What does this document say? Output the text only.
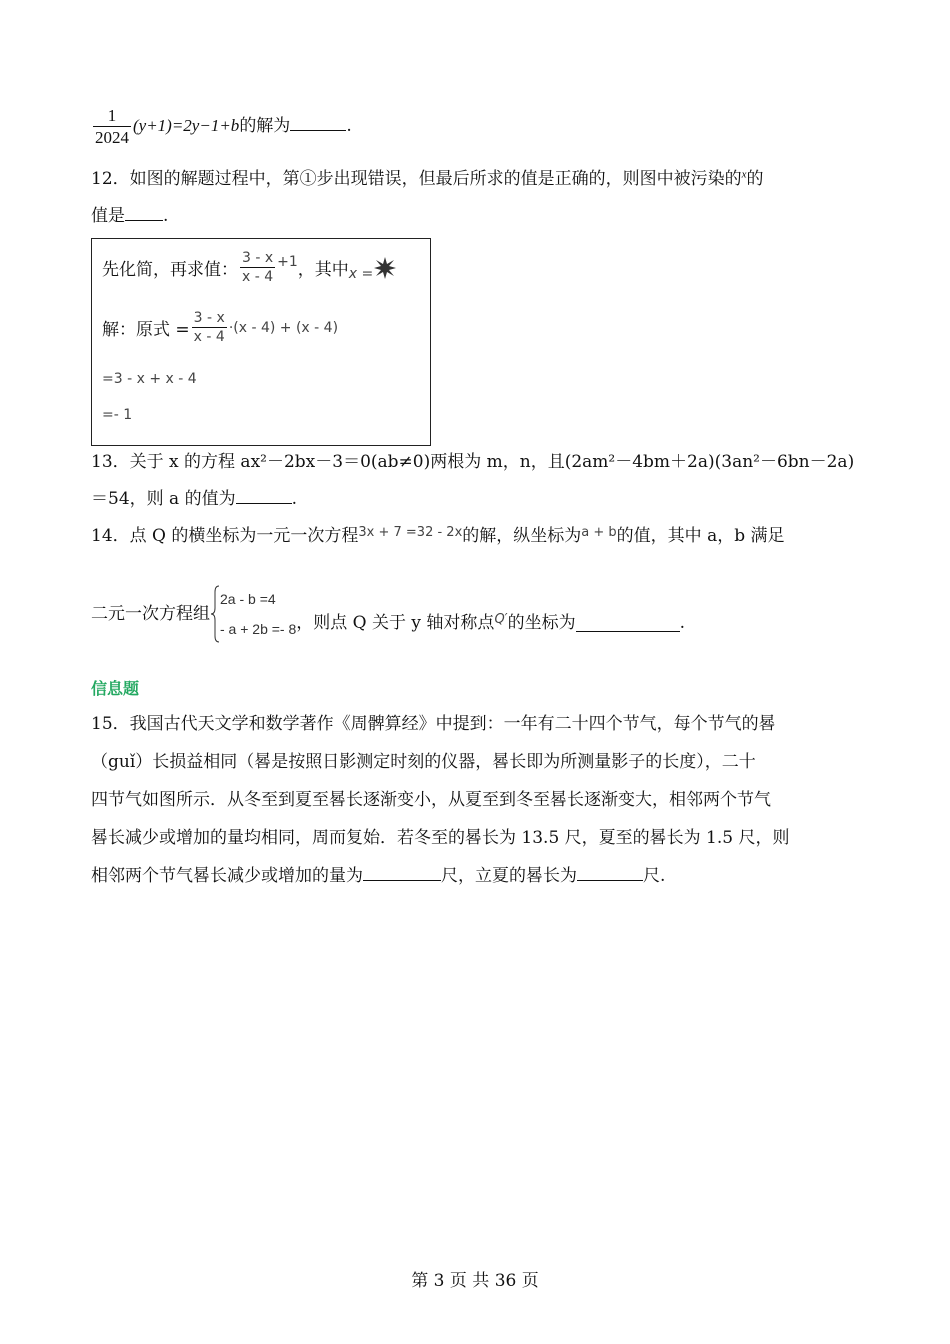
$\frac{1}{2024} (y+1)=2y-1+b$的解为	.
12．如图的解题过程中，第①步出现错误，但最后所求的值是正确的，则图中被污染的$^x$的
值是 .
先化简，再求值： $\frac{3 - x}{x - 4} +1$ ，其中 x =
解：原式 = $\frac{3 - x}{x - 4} \cdot(x - 4) + (x - 4)$
=3 - x + x - 4
=- 1
13．关于 x 的方程 ax²－2bx－3＝0(ab≠0)两根为 m，n，且(2am²－4bm＋2a)(3an²－6bn－2a)
＝54，则 a 的值为	.
14．点 Q 的横坐标为一元一次方程$^{3x + 7 =32 - 2x}$的解，纵坐标为$^{a + b}$的值，其中 a，b 满足
二元一次方程组
2a - b =4
- a + 2b =- 8 ，则点 Q 关于 y 轴对称点 Q′ 的坐标为	.
信息题
15．我国古代天文学和数学著作《周髀算经》中提到：一年有二十四个节气，每个节气的晷
（guǐ）长损益相同（晷是按照日影测定时刻的仪器，晷长即为所测量影子的长度），二十
四节气如图所示．从冬至到夏至晷长逐渐变小，从夏至到冬至晷长逐渐变大，相邻两个节气
晷长减少或增加的量均相同，周而复始．若冬至的晷长为 13.5 尺，夏至的晷长为 1.5 尺，则
相邻两个节气晷长减少或增加的量为	尺，立夏的晷长为	尺.
第 3 页 共 36 页
